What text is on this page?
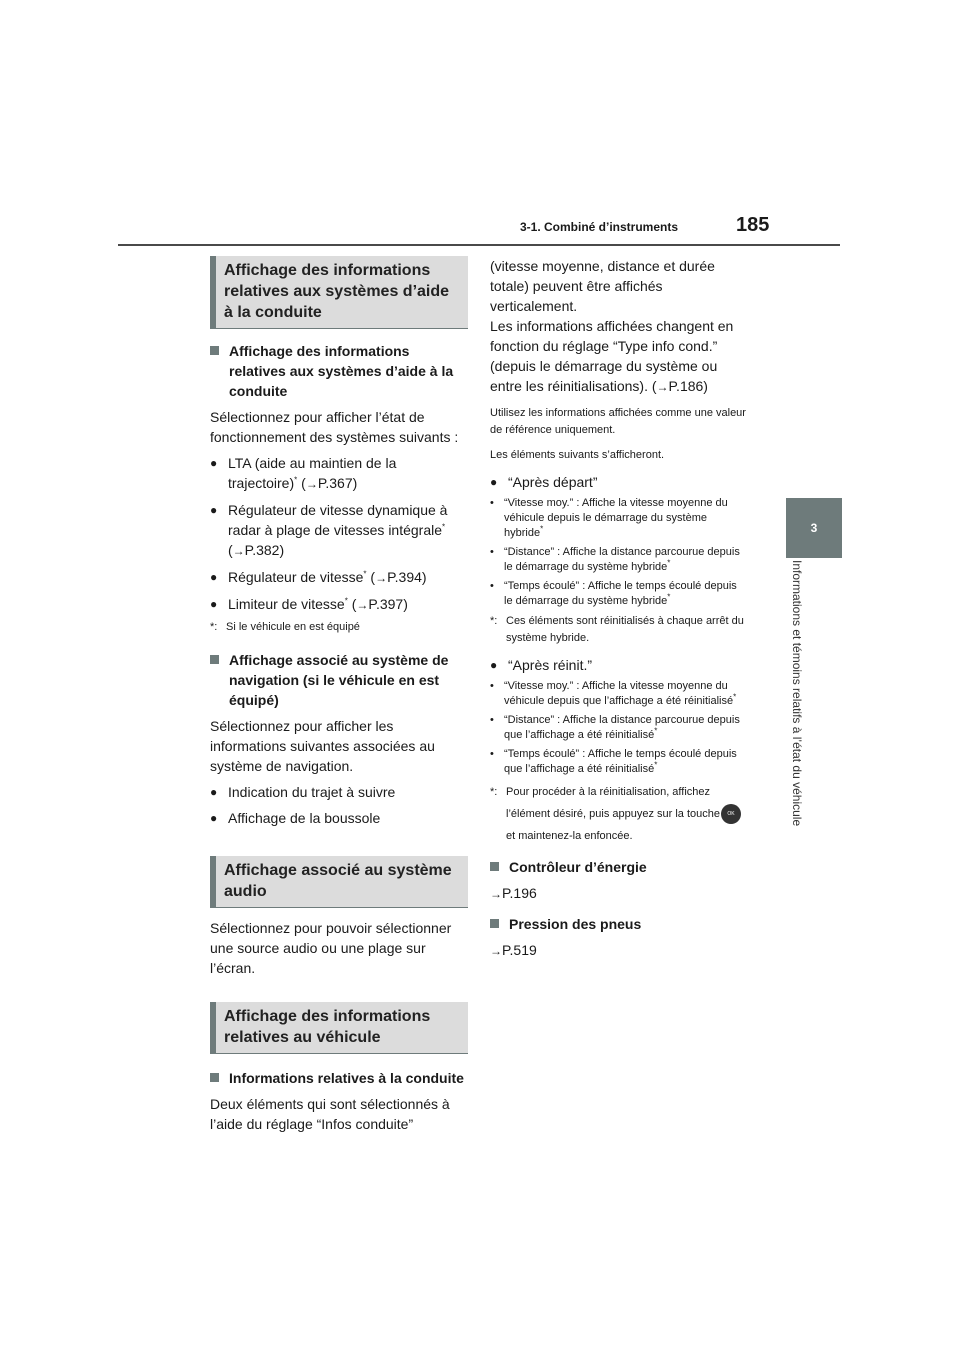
3-1. Combiné d’instruments	185
3
Informations et témoins relatifs à l’état du véhicule
Affichage des informations relatives aux systèmes d’aide à la conduite
Affichage des informations relatives aux systèmes d’aide à la conduite
Sélectionnez pour afficher l’état de fonctionnement des systèmes suivants :
● LTA (aide au maintien de la trajectoire)* (→P.367)
● Régulateur de vitesse dynamique à radar à plage de vitesses intégrale*
(→P.382)
● Régulateur de vitesse* (→P.394)
● Limiteur de vitesse* (→P.397)
*: Si le véhicule en est équipé
Affichage associé au système de navigation (si le véhicule en est équipé)
Sélectionnez pour afficher les informations suivantes associées au système de navigation.
● Indication du trajet à suivre
● Affichage de la boussole
Affichage associé au système audio
Sélectionnez pour pouvoir sélectionner une source audio ou une plage sur l’écran.
Affichage des informations relatives au véhicule
Informations relatives à la conduite
Deux éléments qui sont sélectionnés à l’aide du réglage “Infos conduite”
(vitesse moyenne, distance et durée totale) peuvent être affichés verticalement.
Les informations affichées changent en fonction du réglage “Type info cond.” (depuis le démarrage du système ou entre les réinitialisations). (→P.186)
Utilisez les informations affichées comme une valeur de référence uniquement.
Les éléments suivants s’afficheront.
● “Après départ”
• “Vitesse moy.” : Affiche la vitesse moyenne du véhicule depuis le démarrage du système hybride*
• “Distance” : Affiche la distance parcourue depuis le démarrage du système hybride*
• “Temps écoulé” : Affiche le temps écoulé depuis le démarrage du système hybride*
*: Ces éléments sont réinitialisés à chaque arrêt du système hybride.
● “Après réinit.”
• “Vitesse moy.” : Affiche la vitesse moyenne du véhicule depuis que l’affichage a été réinitialisé*
• “Distance” : Affiche la distance parcourue depuis que l’affichage a été réinitialisé*
• “Temps écoulé” : Affiche le temps écoulé depuis que l’affichage a été réinitialisé*
*: Pour procéder à la réinitialisation, affichez l’élément désiré, puis appuyez sur la touche OK et maintenez-la enfoncée.
Contrôleur d’énergie
→P.196
Pression des pneus
→P.519
